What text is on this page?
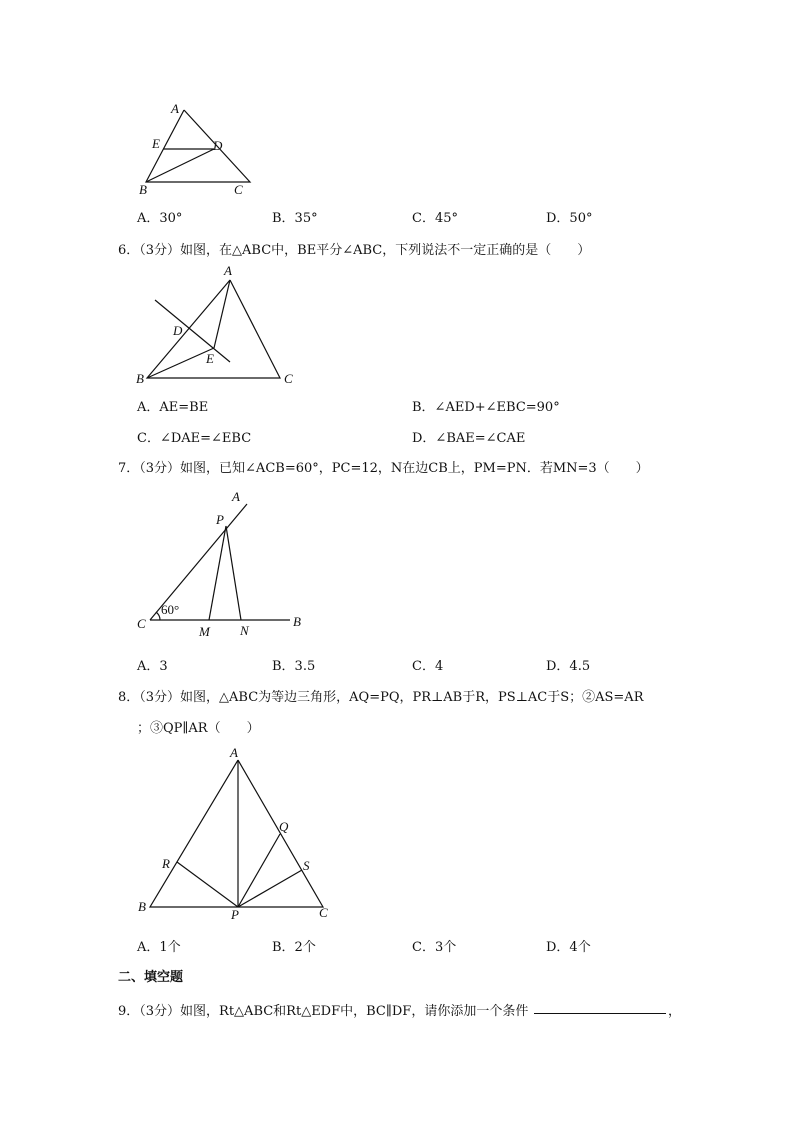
A
E	D
B	C
A．30°	B．35°	C．45°	D．50°
6．（3分）如图，在△ABC中，BE平分∠ABC，下列说法不一定正确的是（　　）
A
D
E
B	C
A．AE=BE	B．∠AED+∠EBC=90°
C．∠DAE=∠EBC	D．∠BAE=∠CAE
7．（3分）如图，已知∠ACB=60°，PC=12，N在边CB上，PM=PN．若MN=3（　　）
A
P
60°
C
M N
B
A．3	B．3.5	C．4	D．4.5
8．（3分）如图，△ABC为等边三角形，AQ=PQ，PR⊥AB于R，PS⊥AC于S；②AS=AR
；③QP∥AR（　　）
A
Q
R	S
B
P	C
A．1个	B．2个	C．3个	D．4个
二、填空题
9．（3分）如图，Rt△ABC和Rt△EDF中，BC∥DF，请你添加一个条件	，
